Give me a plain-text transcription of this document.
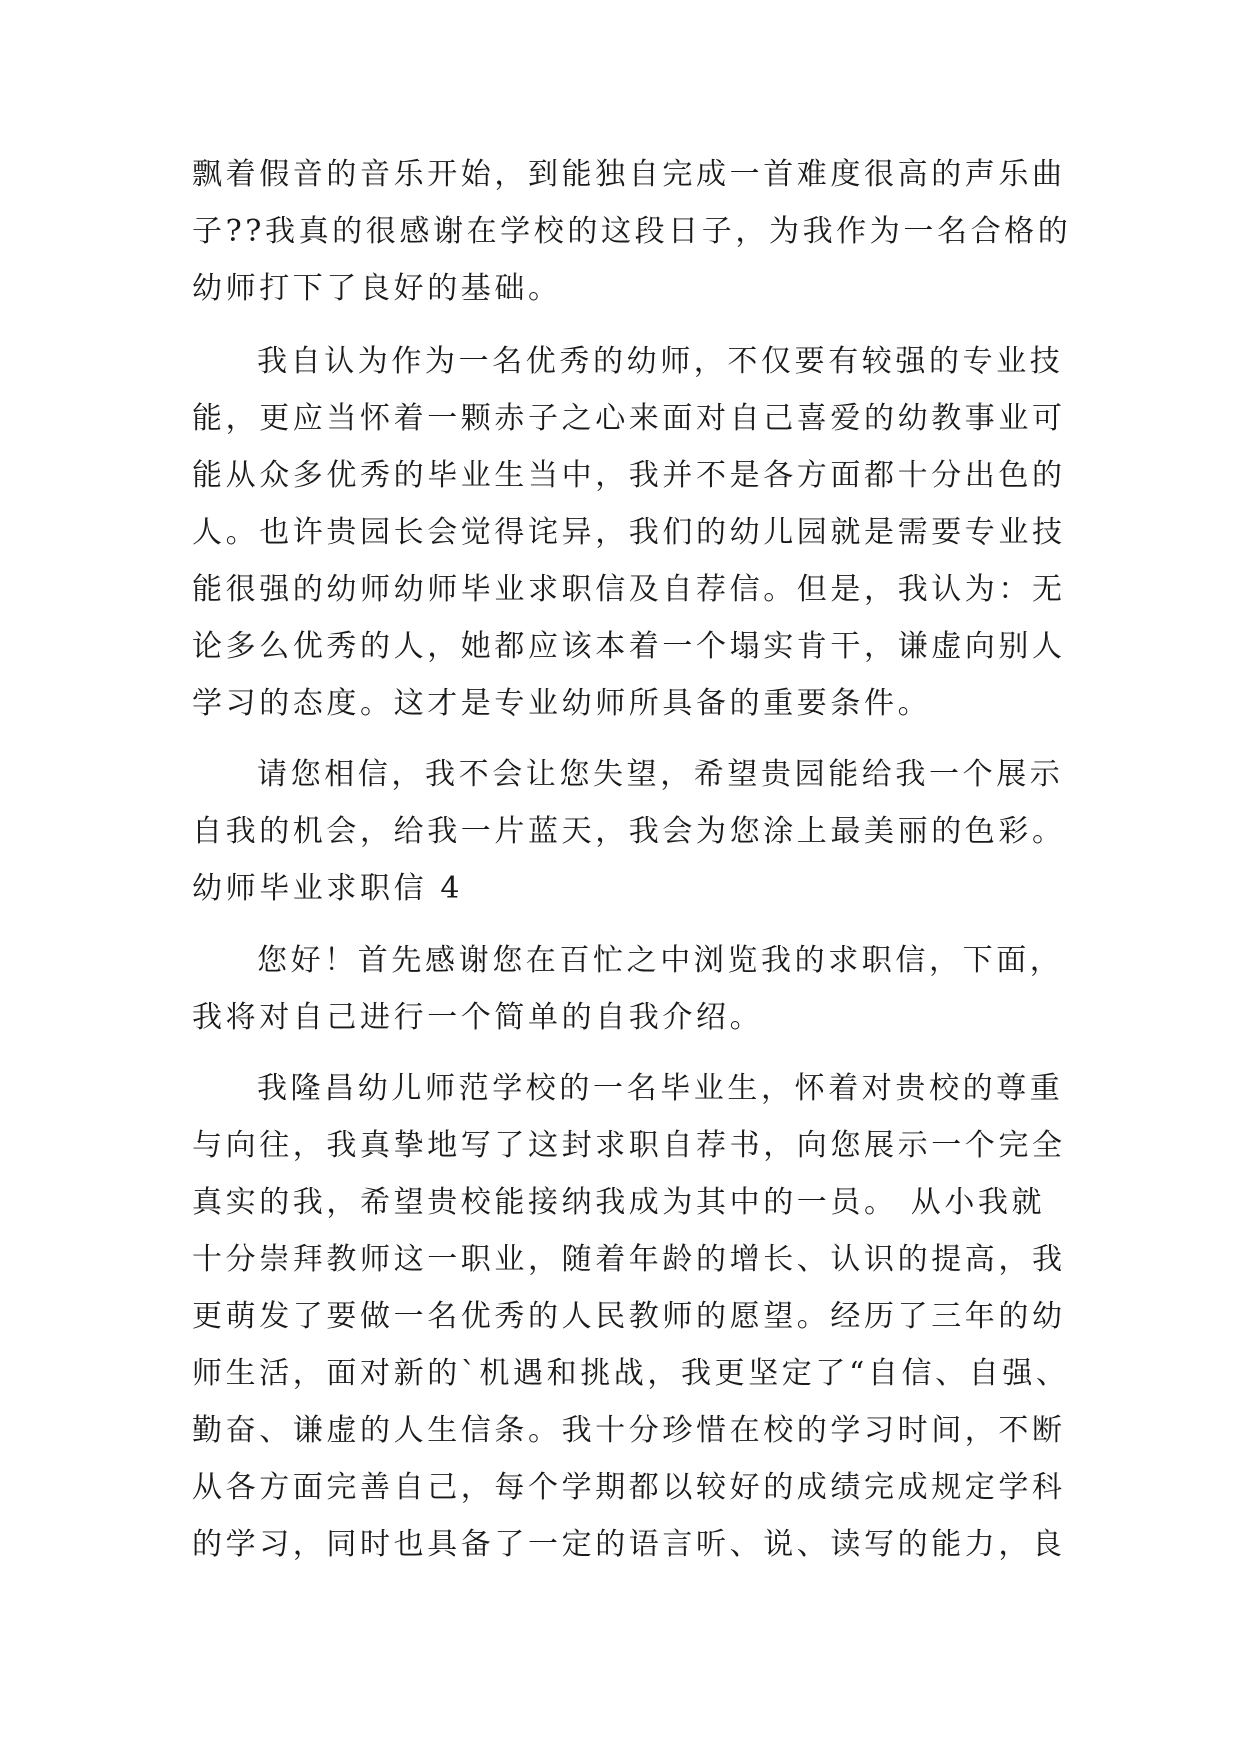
飘着假音的音乐开始，到能独自完成一首难度很高的声乐曲
子??我真的很感谢在学校的这段日子，为我作为一名合格的
幼师打下了良好的基础。
我自认为作为一名优秀的幼师，不仅要有较强的专业技
能，更应当怀着一颗赤子之心来面对自己喜爱的幼教事业可
能从众多优秀的毕业生当中，我并不是各方面都十分出色的
人。也许贵园长会觉得诧异，我们的幼儿园就是需要专业技
能很强的幼师幼师毕业求职信及自荐信。但是，我认为：无
论多么优秀的人，她都应该本着一个塌实肯干，谦虚向别人
学习的态度。这才是专业幼师所具备的重要条件。
请您相信，我不会让您失望，希望贵园能给我一个展示
自我的机会，给我一片蓝天，我会为您涂上最美丽的色彩。
幼师毕业求职信 4
您好！首先感谢您在百忙之中浏览我的求职信，下面，
我将对自己进行一个简单的自我介绍。
我隆昌幼儿师范学校的一名毕业生，怀着对贵校的尊重
与向往，我真挚地写了这封求职自荐书，向您展示一个完全
真实的我，希望贵校能接纳我成为其中的一员。 从小我就
十分崇拜教师这一职业，随着年龄的增长、认识的提高，我
更萌发了要做一名优秀的人民教师的愿望。经历了三年的幼
师生活，面对新的`机遇和挑战，我更坚定了“自信、自强、
勤奋、谦虚的人生信条。我十分珍惜在校的学习时间，不断
从各方面完善自己，每个学期都以较好的成绩完成规定学科
的学习，同时也具备了一定的语言听、说、读写的能力，良
